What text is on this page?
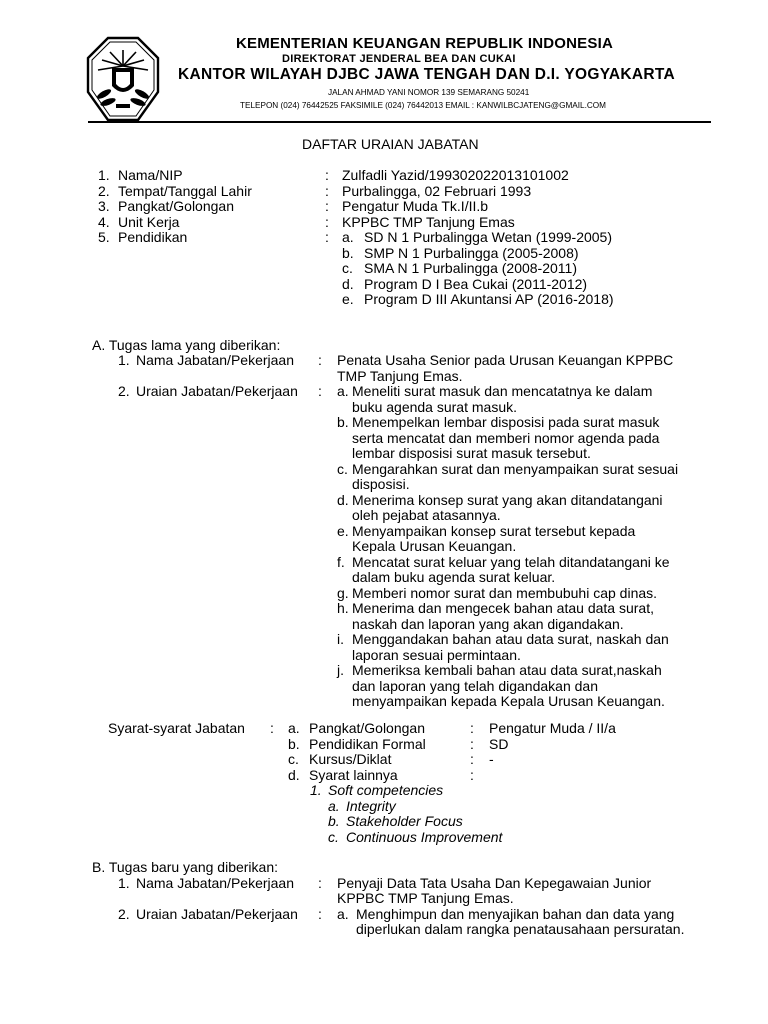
KEMENTERIAN KEUANGAN REPUBLIK INDONESIA
DIREKTORAT JENDERAL BEA DAN CUKAI
KANTOR WILAYAH DJBC JAWA TENGAH DAN D.I. YOGYAKARTA
JALAN AHMAD YANI NOMOR 139 SEMARANG 50241
TELEPON (024) 76442525 FAKSIMILE (024) 76442013 EMAIL : KANWILBCJATENG@GMAIL.COM
DAFTAR URAIAN JABATAN
1. Nama/NIP	: Zulfadli Yazid/199302022013101002
2. Tempat/Tanggal Lahir	: Purbalingga, 02 Februari 1993
3. Pangkat/Golongan	: Pengatur Muda Tk.I/II.b
4. Unit Kerja	: KPPBC TMP Tanjung Emas
5. Pendidikan	: a. SD N 1 Purbalingga Wetan (1999-2005)
b. SMP N 1 Purbalingga (2005-2008)
c. SMA N 1 Purbalingga (2008-2011)
d. Program D I Bea Cukai (2011-2012)
e. Program D III Akuntansi AP (2016-2018)
A. Tugas lama yang diberikan:
1. Nama Jabatan/Pekerjaan : Penata Usaha Senior pada Urusan Keuangan KPPBC
TMP Tanjung Emas.
2. Uraian Jabatan/Pekerjaan : a. Meneliti surat masuk dan mencatatnya ke dalam
buku agenda surat masuk.
b. Menempelkan lembar disposisi pada surat masuk
serta mencatat dan memberi nomor agenda pada
lembar disposisi surat masuk tersebut.
c. Mengarahkan surat dan menyampaikan surat sesuai
disposisi.
d. Menerima konsep surat yang akan ditandatangani
oleh pejabat atasannya.
e. Menyampaikan konsep surat tersebut kepada
Kepala Urusan Keuangan.
f. Mencatat surat keluar yang telah ditandatangani ke
dalam buku agenda surat keluar.
g. Memberi nomor surat dan membubuhi cap dinas.
h. Menerima dan mengecek bahan atau data surat,
naskah dan laporan yang akan digandakan.
i. Menggandakan bahan atau data surat, naskah dan
laporan sesuai permintaan.
j. Memeriksa kembali bahan atau data surat,naskah
dan laporan yang telah digandakan dan
menyampaikan kepada Kepala Urusan Keuangan.
Syarat-syarat Jabatan : a. Pangkat/Golongan	: Pengatur Muda / II/a
b. Pendidikan Formal	: SD
c. Kursus/Diklat	: -
d. Syarat lainnya	:
1. Soft competencies
a. Integrity
b. Stakeholder Focus
c. Continuous Improvement
B. Tugas baru yang diberikan:
1. Nama Jabatan/Pekerjaan : Penyaji Data Tata Usaha Dan Kepegawaian Junior
KPPBC TMP Tanjung Emas.
2. Uraian Jabatan/Pekerjaan : a. Menghimpun dan menyajikan bahan dan data yang
diperlukan dalam rangka penatausahaan persuratan.
